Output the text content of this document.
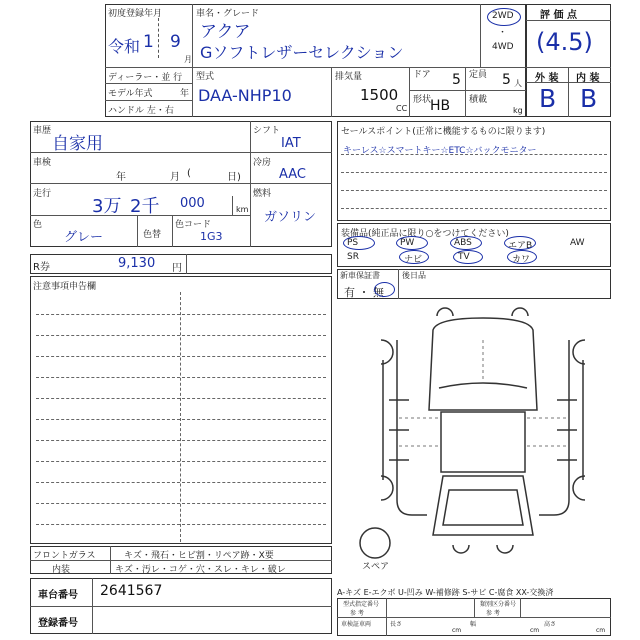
初度登録年月
令和 1 9
月
車名・グレード
アクア
Gソフトレザーセレクション
2WD
・
4WD
ディーラー・並 行
モデル年式	年
ハンドル 左・右
型式
DAA-NHP10
排気量
1500
CC
ドア 5 定員 5 人
形状
HB 積載
kg
評 価 点
(4.5)
外 装 内 装
B B
車歴
自家用
車検
年	月 (	日)
走行
3万 2千 000	km
色
グレー	色替
色コード
1G3
シフト
IAT
冷房
AAC
燃料
ガソリン
R券	9,130 円
注意事項申告欄
セールスポイント(正常に機能するものに限ります)
キーレス☆スマートキー☆ETC☆バックモニター
装備品(純正品に限り○をつけてください)
PS	PW	ABS	エアB	AW
SR	ナビ	TV	カワ
新車保証書
有 ・ 無
後日品
スペア
フロントガラス	キズ・飛石・ヒビ割・リペア跡・X要
内装	キズ・汚レ・コゲ・穴・スレ・キレ・破レ
車台番号 2641567
登録番号
A-キズ E-エクボ U-凹み W-補修跡 S-サビ C-腐食 XX-交換済
型式指定番号
参 考
類別区分番号
参 考
車検証車両	長さ
cm
幅
cm
高さ
cm
